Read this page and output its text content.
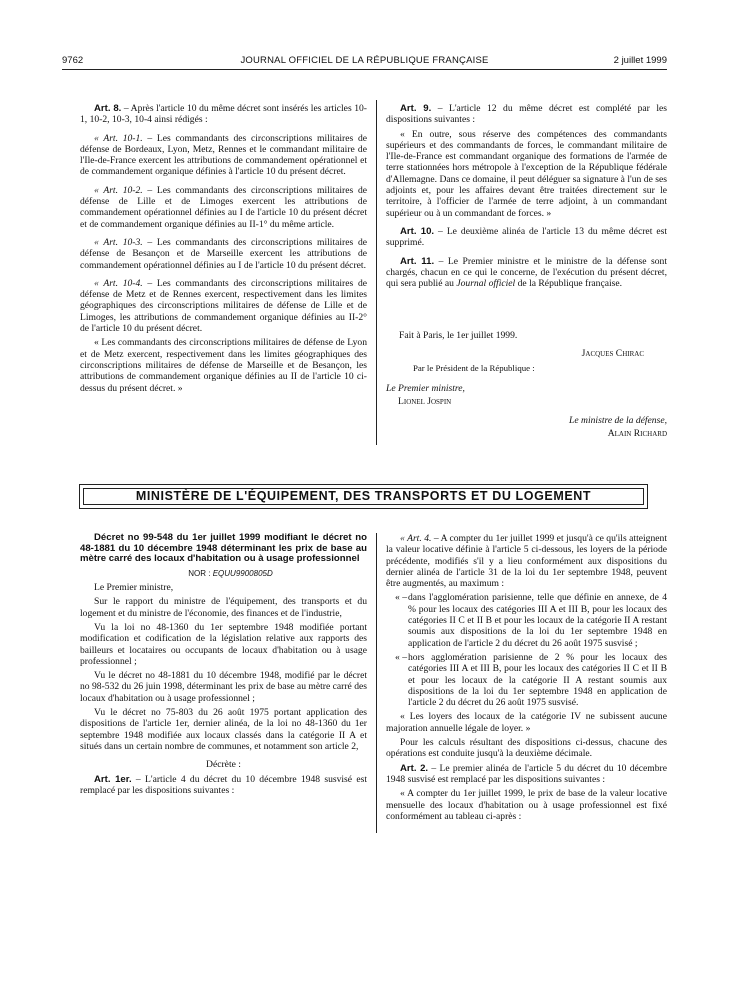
9762	JOURNAL OFFICIEL DE LA RÉPUBLIQUE FRANÇAISE	2 juillet 1999

Art. 8. – Après l'article 10 du même décret sont insérés les articles 10-1, 10-2, 10-3, 10-4 ainsi rédigés :

« Art. 10-1. – Les commandants des circonscriptions militaires de défense de Bordeaux, Lyon, Metz, Rennes et le commandant militaire de l'Ile-de-France exercent les attributions de commandement opérationnel et de commandement organique définies à l'article 10 du présent décret.

« Art. 10-2. – Les commandants des circonscriptions militaires de défense de Lille et de Limoges exercent les attributions de commandement opérationnel définies au I de l'article 10 du présent décret et de commandement organique définies au II-1° du même article.

« Art. 10-3. – Les commandants des circonscriptions militaires de défense de Besançon et de Marseille exercent les attributions de commandement opérationnel définies au I de l'article 10 du présent décret.

« Art. 10-4. – Les commandants des circonscriptions militaires de défense de Metz et de Rennes exercent, respectivement dans les limites géographiques des circonscriptions militaires de défense de Lille et de Limoges, les attributions de commandement organique définies au II-2° de l'article 10 du présent décret.

« Les commandants des circonscriptions militaires de défense de Lyon et de Metz exercent, respectivement dans les limites géographiques des circonscriptions militaires de défense de Marseille et de Besançon, les attributions de commandement organique définies au II de l'article 10 ci-dessus du présent décret. »

Art. 9. – L'article 12 du même décret est complété par les dispositions suivantes :

« En outre, sous réserve des compétences des commandants supérieurs et des commandants de forces, le commandant militaire de l'Ile-de-France est commandant organique des formations de l'armée de terre stationnées hors métropole à l'exception de la République fédérale d'Allemagne. Dans ce domaine, il peut déléguer sa signature à l'un de ses adjoints et, pour les affaires devant être traitées directement sur le territoire, à l'officier de l'armée de terre adjoint, à un commandant supérieur ou à un commandant de forces. »

Art. 10. – Le deuxième alinéa de l'article 13 du même décret est supprimé.

Art. 11. – Le Premier ministre et le ministre de la défense sont chargés, chacun en ce qui le concerne, de l'exécution du présent décret, qui sera publié au Journal officiel de la République française.

Fait à Paris, le 1er juillet 1999.
Jacques Chirac
Par le Président de la République :
Le Premier ministre,
Lionel Jospin
Le ministre de la défense,
Alain Richard
MINISTÈRE DE L'ÉQUIPEMENT, DES TRANSPORTS ET DU LOGEMENT

Décret no 99-548 du 1er juillet 1999 modifiant le décret no 48-1881 du 10 décembre 1948 déterminant les prix de base au mètre carré des locaux d'habitation ou à usage professionnel

NOR : EQUU9900805D

Le Premier ministre,

Sur le rapport du ministre de l'équipement, des transports et du logement et du ministre de l'économie, des finances et de l'industrie,

Vu la loi no 48-1360 du 1er septembre 1948 modifiée portant modification et codification de la législation relative aux rapports des bailleurs et locataires ou occupants de locaux d'habitation ou à usage professionnel ;

Vu le décret no 48-1881 du 10 décembre 1948, modifié par le décret no 98-532 du 26 juin 1998, déterminant les prix de base au mètre carré des locaux d'habitation ou à usage professionnel ;

Vu le décret no 75-803 du 26 août 1975 portant application des dispositions de l'article 1er, dernier alinéa, de la loi no 48-1360 du 1er septembre 1948 modifiée aux locaux classés dans la catégorie II A et situés dans un certain nombre de communes, et notamment son article 2,

Décrète :

Art. 1er. – L'article 4 du décret du 10 décembre 1948 susvisé est remplacé par les dispositions suivantes :

« Art. 4. – A compter du 1er juillet 1999 et jusqu'à ce qu'ils atteignent la valeur locative définie à l'article 5 ci-dessous, les loyers de la période précédente, modifiés s'il y a lieu conformément aux dispositions du dernier alinéa de l'article 31 de la loi du 1er septembre 1948, peuvent être augmentés, au maximum :

« – dans l'agglomération parisienne, telle que définie en annexe, de 4 % pour les locaux des catégories III A et III B, pour les locaux des catégories II C et II B et pour les locaux de la catégorie II A restant soumis aux dispositions de la loi du 1er septembre 1948 en application de l'article 2 du décret du 26 août 1975 susvisé ;

« – hors agglomération parisienne de 2 % pour les locaux des catégories III A et III B, pour les locaux des catégories II C et II B et pour les locaux de la catégorie II A restant soumis aux dispositions de la loi du 1er septembre 1948 en application de l'article 2 du décret du 26 août 1975 susvisé.

« Les loyers des locaux de la catégorie IV ne subissent aucune majoration annuelle légale de loyer. »

Pour les calculs résultant des dispositions ci-dessus, chacune des opérations est conduite jusqu'à la deuxième décimale.

Art. 2. – Le premier alinéa de l'article 5 du décret du 10 décembre 1948 susvisé est remplacé par les dispositions suivantes :

« A compter du 1er juillet 1999, le prix de base de la valeur locative mensuelle des locaux d'habitation ou à usage professionnel est fixé conformément au tableau ci-après :
